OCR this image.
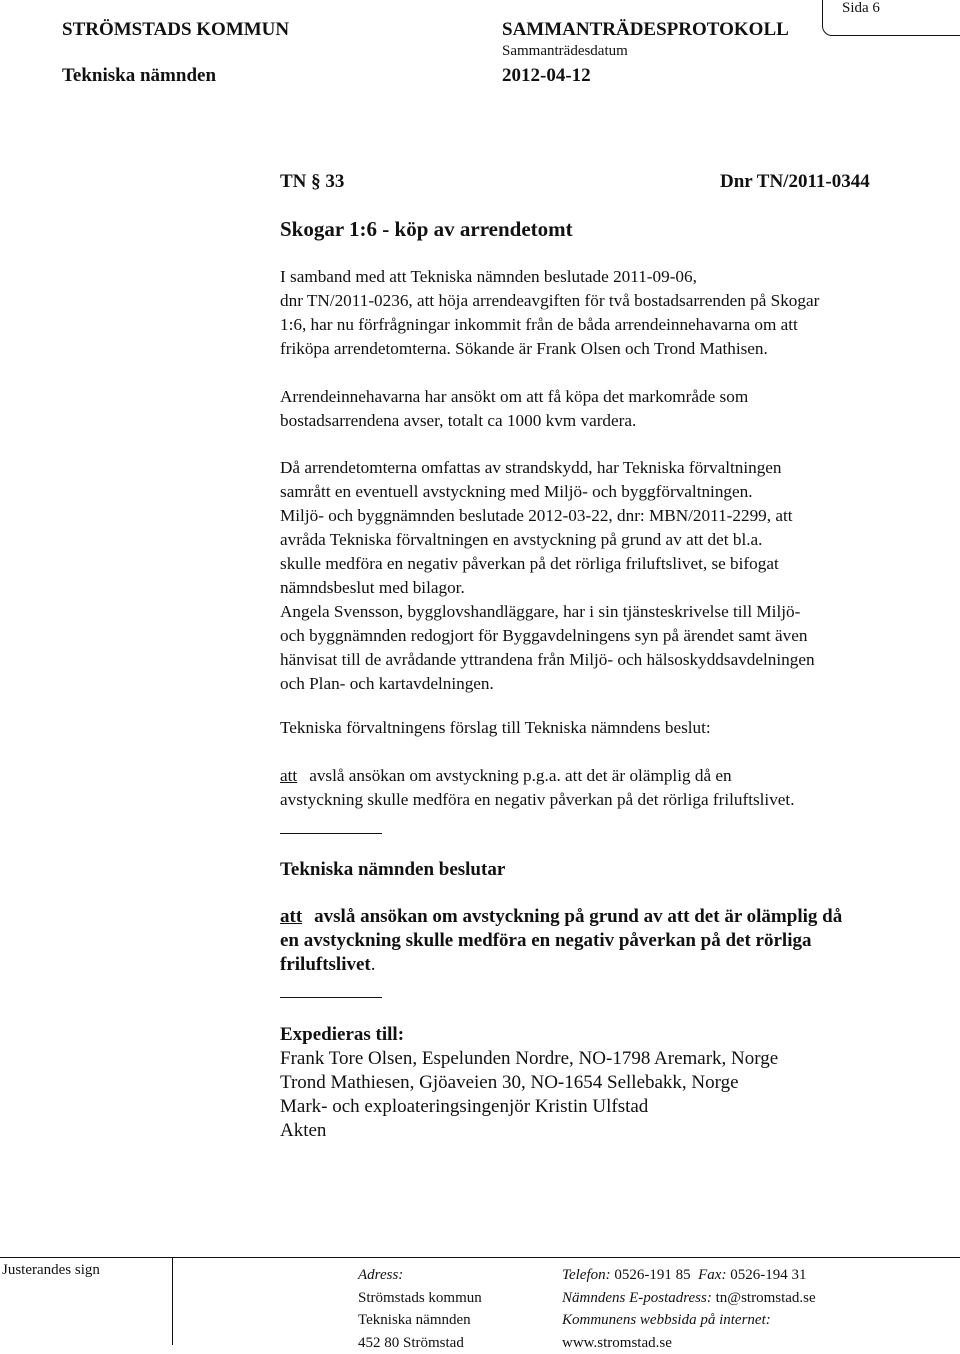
Sida 6
STRÖMSTADS KOMMUN
Tekniska nämnden
SAMMANTRÄDESPROTOKOLL
Sammanträdesdatum
2012-04-12
TN § 33	Dnr TN/2011-0344
Skogar 1:6 - köp av arrendetomt
I samband med att Tekniska nämnden beslutade 2011-09-06,
dnr TN/2011-0236, att höja arrendeavgiften för två bostadsarrenden på Skogar
1:6, har nu förfrågningar inkommit från de båda arrendeinnehavarna om att
friköpa arrendetomterna. Sökande är Frank Olsen och Trond Mathisen.
Arrendeinnehavarna har ansökt om att få köpa det markområde som
bostadsarrendena avser, totalt ca 1000 kvm vardera.
Då arrendetomterna omfattas av strandskydd, har Tekniska förvaltningen
samrått en eventuell avstyckning med Miljö- och byggförvaltningen.
Miljö- och byggnämnden beslutade 2012-03-22, dnr: MBN/2011-2299, att
avråda Tekniska förvaltningen en avstyckning på grund av att det bl.a.
skulle medföra en negativ påverkan på det rörliga friluftslivet, se bifogat
nämndsbeslut med bilagor.
Angela Svensson, bygglovshandläggare, har i sin tjänsteskrivelse till Miljö-
och byggnämnden redogjort för Byggavdelningens syn på ärendet samt även
hänvisat till de avrådande yttrandena från Miljö- och hälsoskyddsavdelningen
och Plan- och kartavdelningen.
Tekniska förvaltningens förslag till Tekniska nämndens beslut:
att avslå ansökan om avstyckning p.g.a. att det är olämplig då en
avstyckning skulle medföra en negativ påverkan på det rörliga friluftslivet.
Tekniska nämnden beslutar
att avslå ansökan om avstyckning på grund av att det är olämplig då
en avstyckning skulle medföra en negativ påverkan på det rörliga
friluftslivet.
Expedieras till:
Frank Tore Olsen, Espelunden Nordre, NO-1798 Aremark, Norge
Trond Mathiesen, Gjöaveien 30, NO-1654 Sellebakk, Norge
Mark- och exploateringsingenjör Kristin Ulfstad
Akten
Justerandes sign	Adress:
Strömstads kommun
Tekniska nämnden
452 80 Strömstad
Telefon: 0526-191 85 Fax: 0526-194 31
Nämndens E-postadress: tn@stromstad.se
Kommunens webbsida på internet:
www.stromstad.se
